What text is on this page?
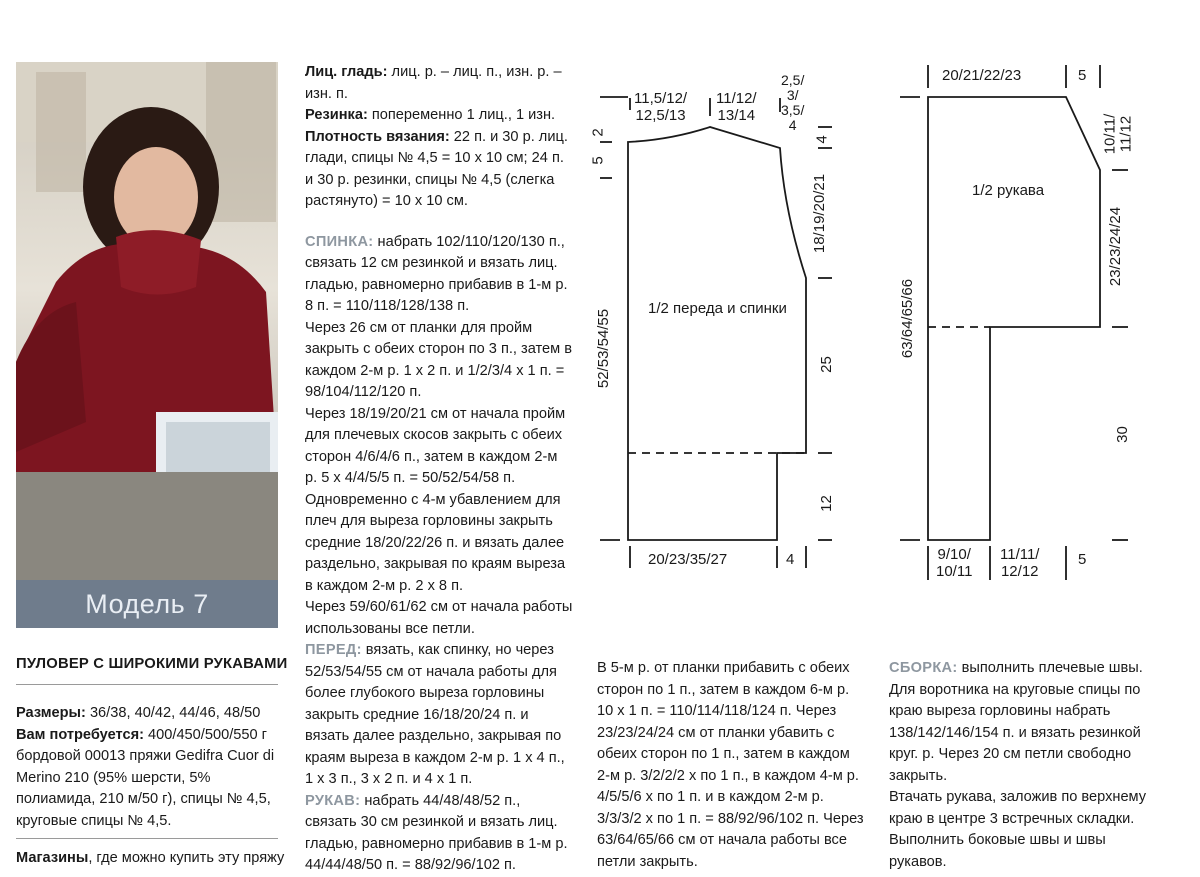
Модель 7
ПУЛОВЕР С ШИРОКИМИ РУКАВАМИ

Размеры: 36/38, 40/42, 44/46, 48/50

Вам потребуется: 400/450/500/550 г бордовой 00013 пряжи Gedifra Cuor di Merino 210 (95% шерсти, 5% полиамида, 210 м/50 г), спицы № 4,5, круговые спицы № 4,5.

Магазины, где можно купить эту пряжу

Лиц. гладь: лиц. р. – лиц. п., изн. р. – изн. п.

Резинка: попеременно 1 лиц., 1 изн.

Плотность вязания: 22 п. и 30 р. лиц. глади, спицы № 4,5 = 10 х 10 см; 24 п. и 30 р. резинки, спицы № 4,5 (слегка растянуто) = 10 х 10 см.

СПИНКА: набрать 102/110/120/130 п., связать 12 см резинкой и вязать лиц. гладью, равномерно прибавив в 1-м р. 8 п. = 110/118/128/138 п.

Через 26 см от планки для пройм закрыть с обеих сторон по 3 п., затем в каждом 2-м р. 1 х 2 п. и 1/2/3/4 х 1 п. = 98/104/112/120 п.

Через 18/19/20/21 см от начала пройм для плечевых скосов закрыть с обеих сторон 4/6/4/6 п., затем в каждом 2-м р. 5 х 4/4/5/5 п. = 50/52/54/58 п.

Одновременно с 4-м убавлением для плеч для выреза горловины закрыть средние 18/20/22/26 п. и вязать далее раздельно, закрывая по краям выреза в каждом 2-м р. 2 х 8 п.

Через 59/60/61/62 см от начала работы использованы все петли.

ПЕРЕД: вязать, как спинку, но через 52/53/54/55 см от начала работы для более глубокого выреза горловины закрыть средние 16/18/20/24 п. и вязать далее раздельно, закрывая по краям выреза в каждом 2-м р. 1 х 4 п., 1 х 3 п., 3 х 2 п. и 4 х 1 п.

РУКАВ: набрать 44/48/48/52 п., связать 30 см резинкой и вязать лиц. гладью, равномерно прибавив в 1-м р. 44/44/48/50 п. = 88/92/96/102 п.

В 5-м р. от планки прибавить с обеих сторон по 1 п., затем в каждом 6-м р. 10 х 1 п. = 110/114/118/124 п. Через 23/23/24/24 см от планки убавить с обеих сторон по 1 п., затем в каждом 2-м р. 3/2/2/2 х по 1 п., в каждом 4-м р. 4/5/5/6 х по 1 п. и в каждом 2-м р. 3/3/3/2 х по 1 п. = 88/92/96/102 п. Через 63/64/65/66 см от начала работы все петли закрыть.

СБОРКА: выполнить плечевые швы. Для воротника на круговые спицы по краю выреза горловины набрать 138/142/146/154 п. и вязать резинкой круг. р. Через 20 см петли свободно закрыть.

Втачать рукава, заложив по верхнему краю в центре 3 встречных складки. Выполнить боковые швы и швы рукавов.

1/2 переда и спинки
11,5/12/
12,5/13
11/12/
13/14
2,5/
3/
3,5/
4
2
5
4
18/19/20/21
25
12
52/53/54/55
20/23/35/27	4
1/2 рукава
20/21/22/23	5
10/11/
11/12
23/23/24/24
63/64/65/66
30
9/10/
10/11
11/11/
12/12
5
